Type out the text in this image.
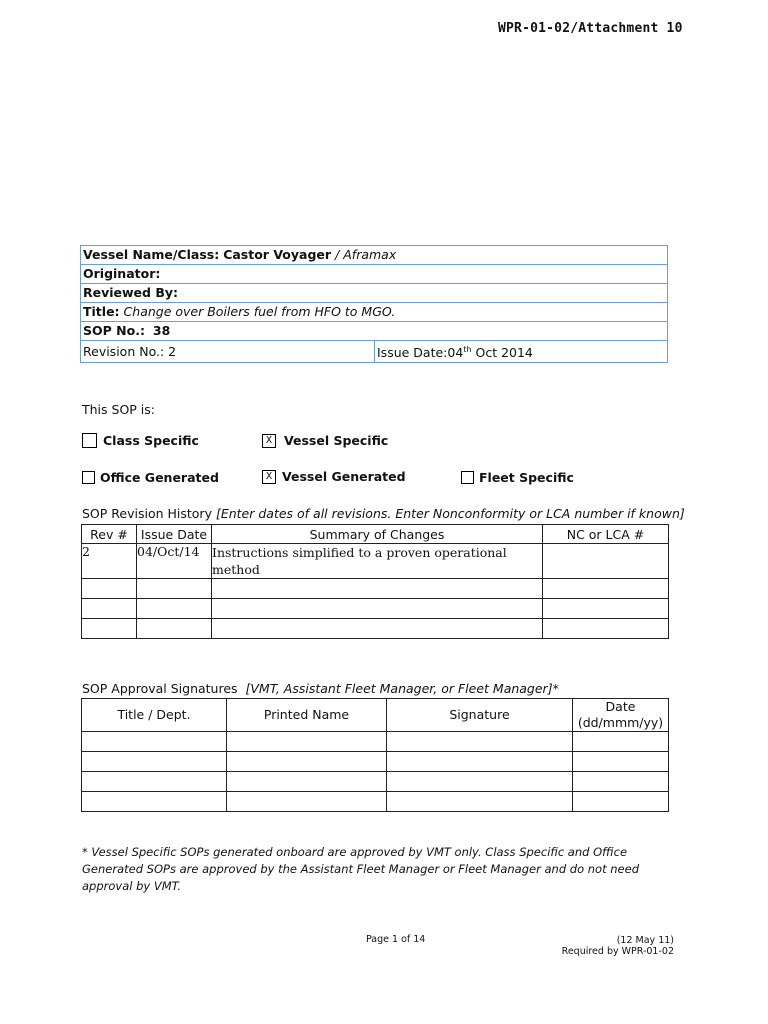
WPR-01-02/Attachment 10
Vessel Name/Class: Castor Voyager / Aframax
Originator:
Reviewed By:
Title: Change over Boilers fuel from HFO to MGO.
SOP No.: 38
Revision No.: 2	Issue Date:04th Oct 2014
This SOP is:
Class Specific	X Vessel Specific
Office Generated	X Vessel Generated	Fleet Specific
SOP Revision History [Enter dates of all revisions. Enter Nonconformity or LCA number if known]
Rev #	Issue Date	Summary of Changes	NC or LCA #
2	04/Oct/14	Instructions simplified to a proven operational method	

SOP Approval Signatures  [VMT, Assistant Fleet Manager, or Fleet Manager]*
Title / Dept.	Printed Name	Signature	Date (dd/mmm/yy)

* Vessel Specific SOPs generated onboard are approved by VMT only. Class Specific and Office Generated SOPs are approved by the Assistant Fleet Manager or Fleet Manager and do not need approval by VMT.
Page 1 of 14	(12 May 11)
Required by WPR-01-02
